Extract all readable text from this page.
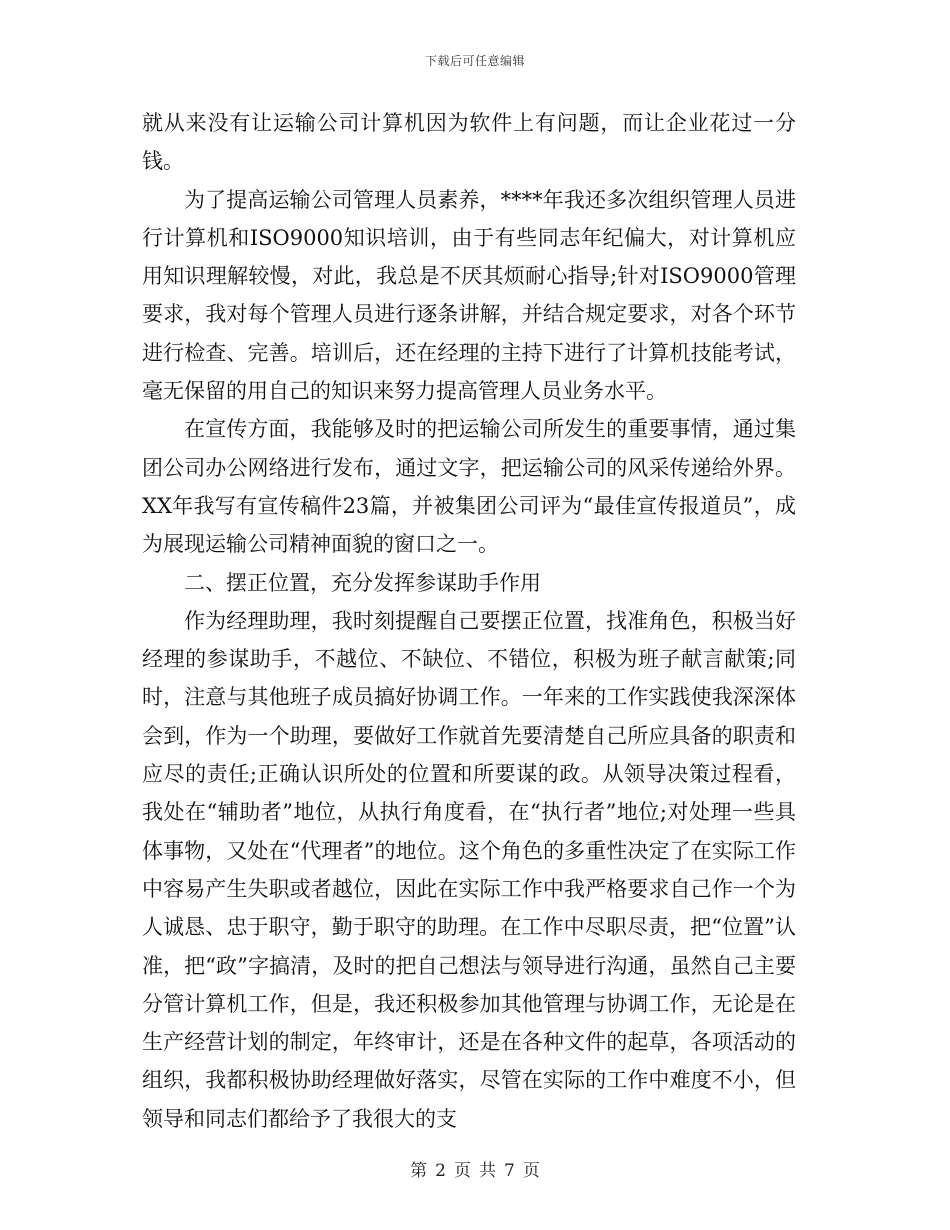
下载后可任意编辑

就从来没有让运输公司计算机因为软件上有问题，而让企业花过一分钱。

为了提高运输公司管理人员素养，****年我还多次组织管理人员进行计算机和ISO9000知识培训，由于有些同志年纪偏大，对计算机应用知识理解较慢，对此，我总是不厌其烦耐心指导;针对ISO9000管理要求，我对每个管理人员进行逐条讲解，并结合规定要求，对各个环节进行检查、完善。培训后，还在经理的主持下进行了计算机技能考试，毫无保留的用自己的知识来努力提高管理人员业务水平。

在宣传方面，我能够及时的把运输公司所发生的重要事情，通过集团公司办公网络进行发布，通过文字，把运输公司的风采传递给外界。XX年我写有宣传稿件23篇，并被集团公司评为“最佳宣传报道员”，成为展现运输公司精神面貌的窗口之一。

二、摆正位置，充分发挥参谋助手作用

作为经理助理，我时刻提醒自己要摆正位置，找准角色，积极当好经理的参谋助手，不越位、不缺位、不错位，积极为班子献言献策;同时，注意与其他班子成员搞好协调工作。一年来的工作实践使我深深体会到，作为一个助理，要做好工作就首先要清楚自己所应具备的职责和应尽的责任;正确认识所处的位置和所要谋的政。从领导决策过程看，我处在“辅助者”地位，从执行角度看，在“执行者”地位;对处理一些具体事物，又处在“代理者”的地位。这个角色的多重性决定了在实际工作中容易产生失职或者越位，因此在实际工作中我严格要求自己作一个为人诚恳、忠于职守，勤于职守的助理。在工作中尽职尽责，把“位置”认准，把“政”字搞清，及时的把自己想法与领导进行沟通，虽然自己主要分管计算机工作，但是，我还积极参加其他管理与协调工作，无论是在生产经营计划的制定，年终审计，还是在各种文件的起草，各项活动的组织，我都积极协助经理做好落实，尽管在实际的工作中难度不小，但领导和同志们都给予了我很大的支

第 2 页 共 7 页
